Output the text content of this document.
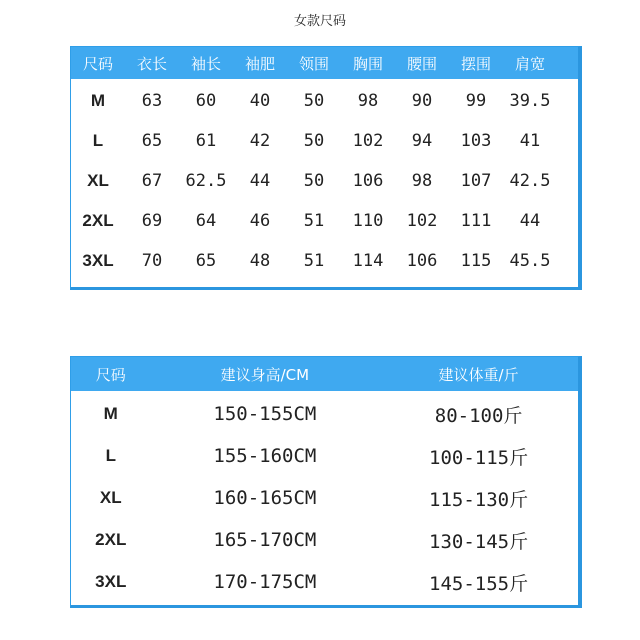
女款尺码
尺码	衣长	袖长	袖肥	领围	胸围	腰围	摆围	肩宽
M	63	60	40	50	98	90	99	39.5
L	65	61	42	50	102	94	103	41
XL	67	62.5	44	50	106	98	107	42.5
2XL	69	64	46	51	110	102	111	44
3XL	70	65	48	51	114	106	115	45.5
尺码	建议身高/CM	建议体重/斤
M	150-155CM	80-100斤
L	155-160CM	100-115斤
XL	160-165CM	115-130斤
2XL	165-170CM	130-145斤
3XL	170-175CM	145-155斤
